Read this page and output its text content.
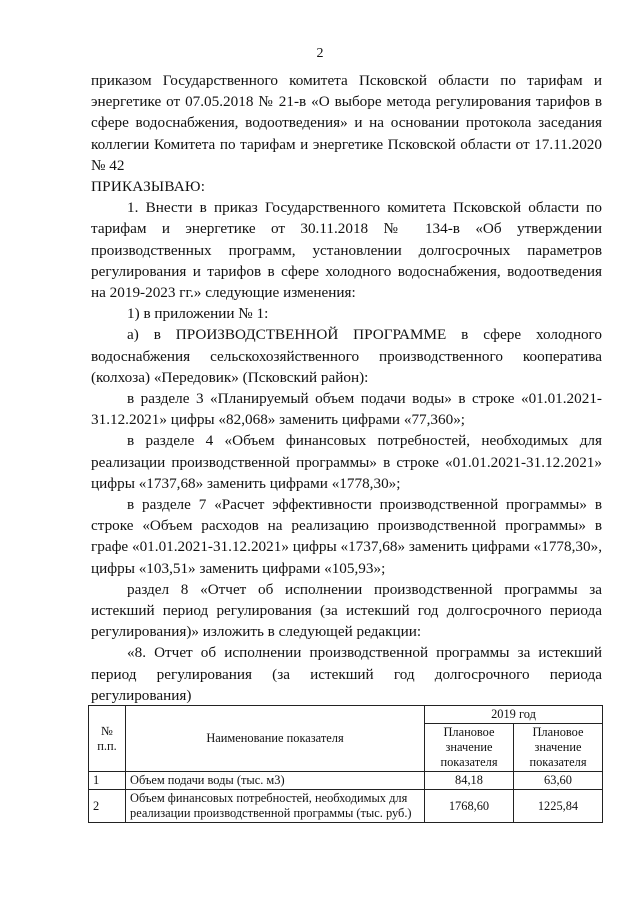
2

приказом Государственного комитета Псковской области по тарифам и энергетике от 07.05.2018 № 21-в «О выборе метода регулирования тарифов в сфере водоснабжения, водоотведения» и на основании протокола заседания коллегии Комитета по тарифам и энергетике Псковской области от 17.11.2020 № 42

ПРИКАЗЫВАЮ:

1. Внести в приказ Государственного комитета Псковской области по тарифам и энергетике от 30.11.2018 № 134-в «Об утверждении производственных программ, установлении долгосрочных параметров регулирования и тарифов в сфере холодного водоснабжения, водоотведения на 2019-2023 гг.» следующие изменения:

1) в приложении № 1:

а) в ПРОИЗВОДСТВЕННОЙ ПРОГРАММЕ в сфере холодного водоснабжения сельскохозяйственного производственного кооператива (колхоза) «Передовик» (Псковский район):

в разделе 3 «Планируемый объем подачи воды» в строке «01.01.2021-31.12.2021» цифры «82,068» заменить цифрами «77,360»;

в разделе 4 «Объем финансовых потребностей, необходимых для реализации производственной программы» в строке «01.01.2021-31.12.2021» цифры «1737,68» заменить цифрами «1778,30»;

в разделе 7 «Расчет эффективности производственной программы» в строке «Объем расходов на реализацию производственной программы» в графе «01.01.2021-31.12.2021» цифры «1737,68» заменить цифрами «1778,30», цифры «103,51» заменить цифрами «105,93»;

раздел 8 «Отчет об исполнении производственной программы за истекший период регулирования (за истекший год долгосрочного периода регулирования)» изложить в следующей редакции:

«8. Отчет об исполнении производственной программы за истекший период регулирования (за истекший год долгосрочного периода регулирования)

№ п.п.	Наименование показателя	2019 год	
		Плановое значение показателя	Плановое значение показателя
1	Объем подачи воды (тыс. м3)	84,18	63,60
2	Объем финансовых потребностей, необходимых для реализации производственной программы (тыс. руб.)	1768,60	1225,84
